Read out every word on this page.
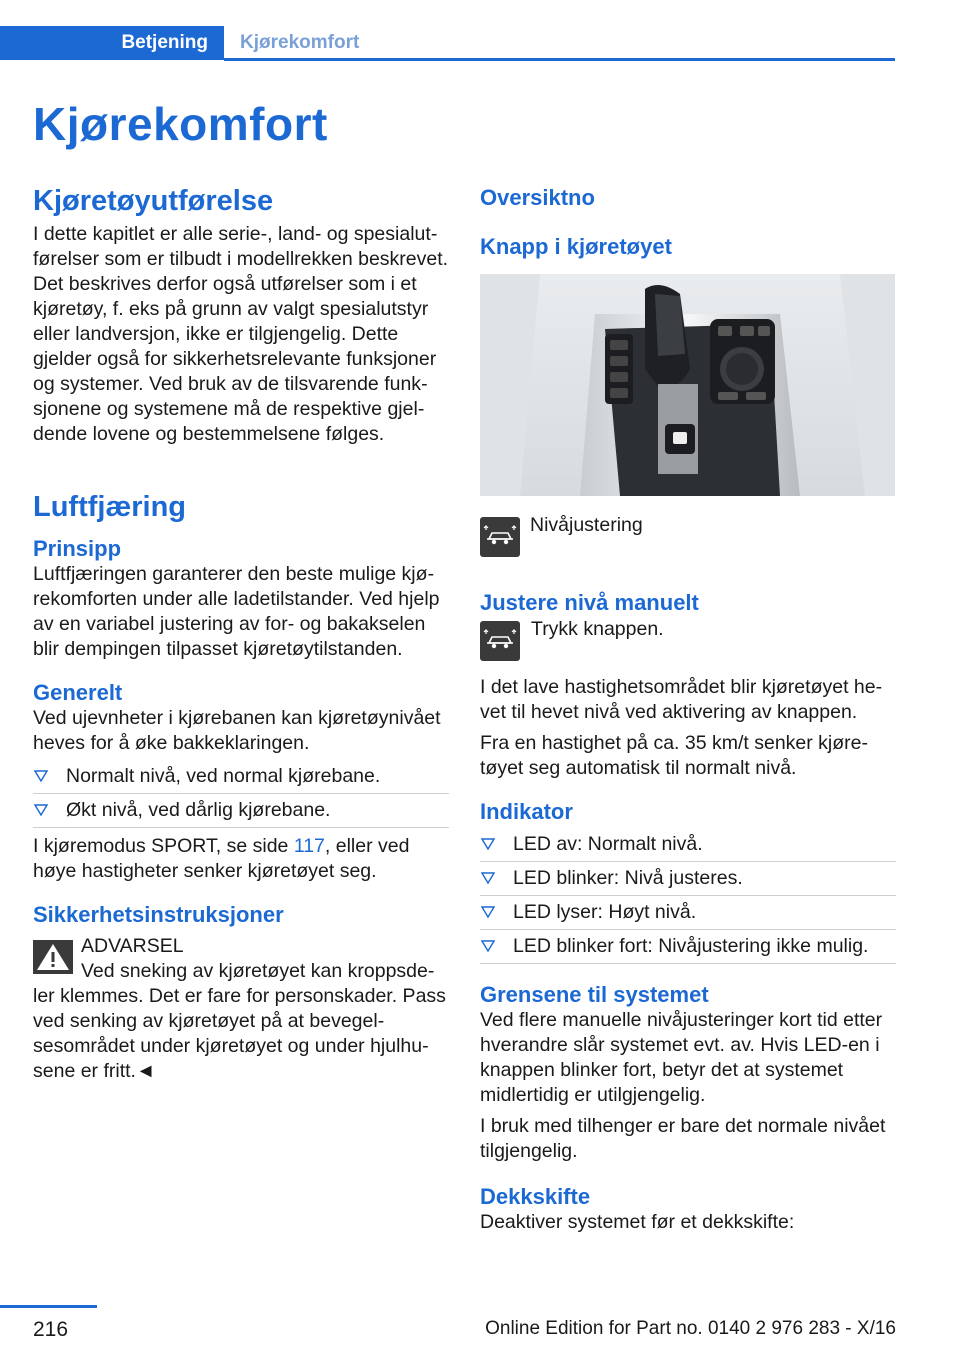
Betjening	Kjørekomfort
Kjørekomfort
Kjøretøyutførelse

I dette kapitlet er alle serie-, land- og spesialutførelser som er tilbudt i modellrekken beskrevet. Det beskrives derfor også utførelser som i et kjøretøy, f. eks på grunn av valgt spesialutstyr eller landversjon, ikke er tilgjengelig. Dette gjelder også for sikkerhetsrelevante funksjoner og systemer. Ved bruk av de tilsvarende funksjonene og systemene må de respektive gjeldende lovene og bestemmelsene følges.

Luftfjæring
Prinsipp

Luftfjæringen garanterer den beste mulige kjørekomforten under alle ladetilstander. Ved hjelp av en variabel justering av for- og bakakselen blir dempingen tilpasset kjøretøytilstanden.

Generelt

Ved ujevnheter i kjørebanen kan kjøretøynivået heves for å øke bakkeklaringen.

Normalt nivå, ved normal kjørebane.
Økt nivå, ved dårlig kjørebane.

I kjøremodus SPORT, se side 117, eller ved høye hastigheter senker kjøretøyet seg.

Sikkerhetsinstruksjoner

ADVARSEL

Ved sneking av kjøretøyet kan kroppsdeler klemmes. Det er fare for personskader. Pass ved senking av kjøretøyet på at bevegelsesområdet under kjøretøyet og under hjulhusene er fritt.◄

Oversiktno
Knapp i kjøretøyet

Nivåjustering

Justere nivå manuelt

Trykk knappen.

I det lave hastighetsområdet blir kjøretøyet hevet til hevet nivå ved aktivering av knappen.

Fra en hastighet på ca. 35 km/t senker kjøretøyet seg automatisk til normalt nivå.

Indikator
LED av: Normalt nivå.
LED blinker: Nivå justeres.
LED lyser: Høyt nivå.
LED blinker fort: Nivåjustering ikke mulig.
Grensene til systemet

Ved flere manuelle nivåjusteringer kort tid etter hverandre slår systemet evt. av. Hvis LED-en i knappen blinker fort, betyr det at systemet midlertidig er utilgjengelig.

I bruk med tilhenger er bare det normale nivået tilgjengelig.

Dekkskifte

Deaktiver systemet før et dekkskifte:

216	Online Edition for Part no. 0140 2 976 283 - X/16
